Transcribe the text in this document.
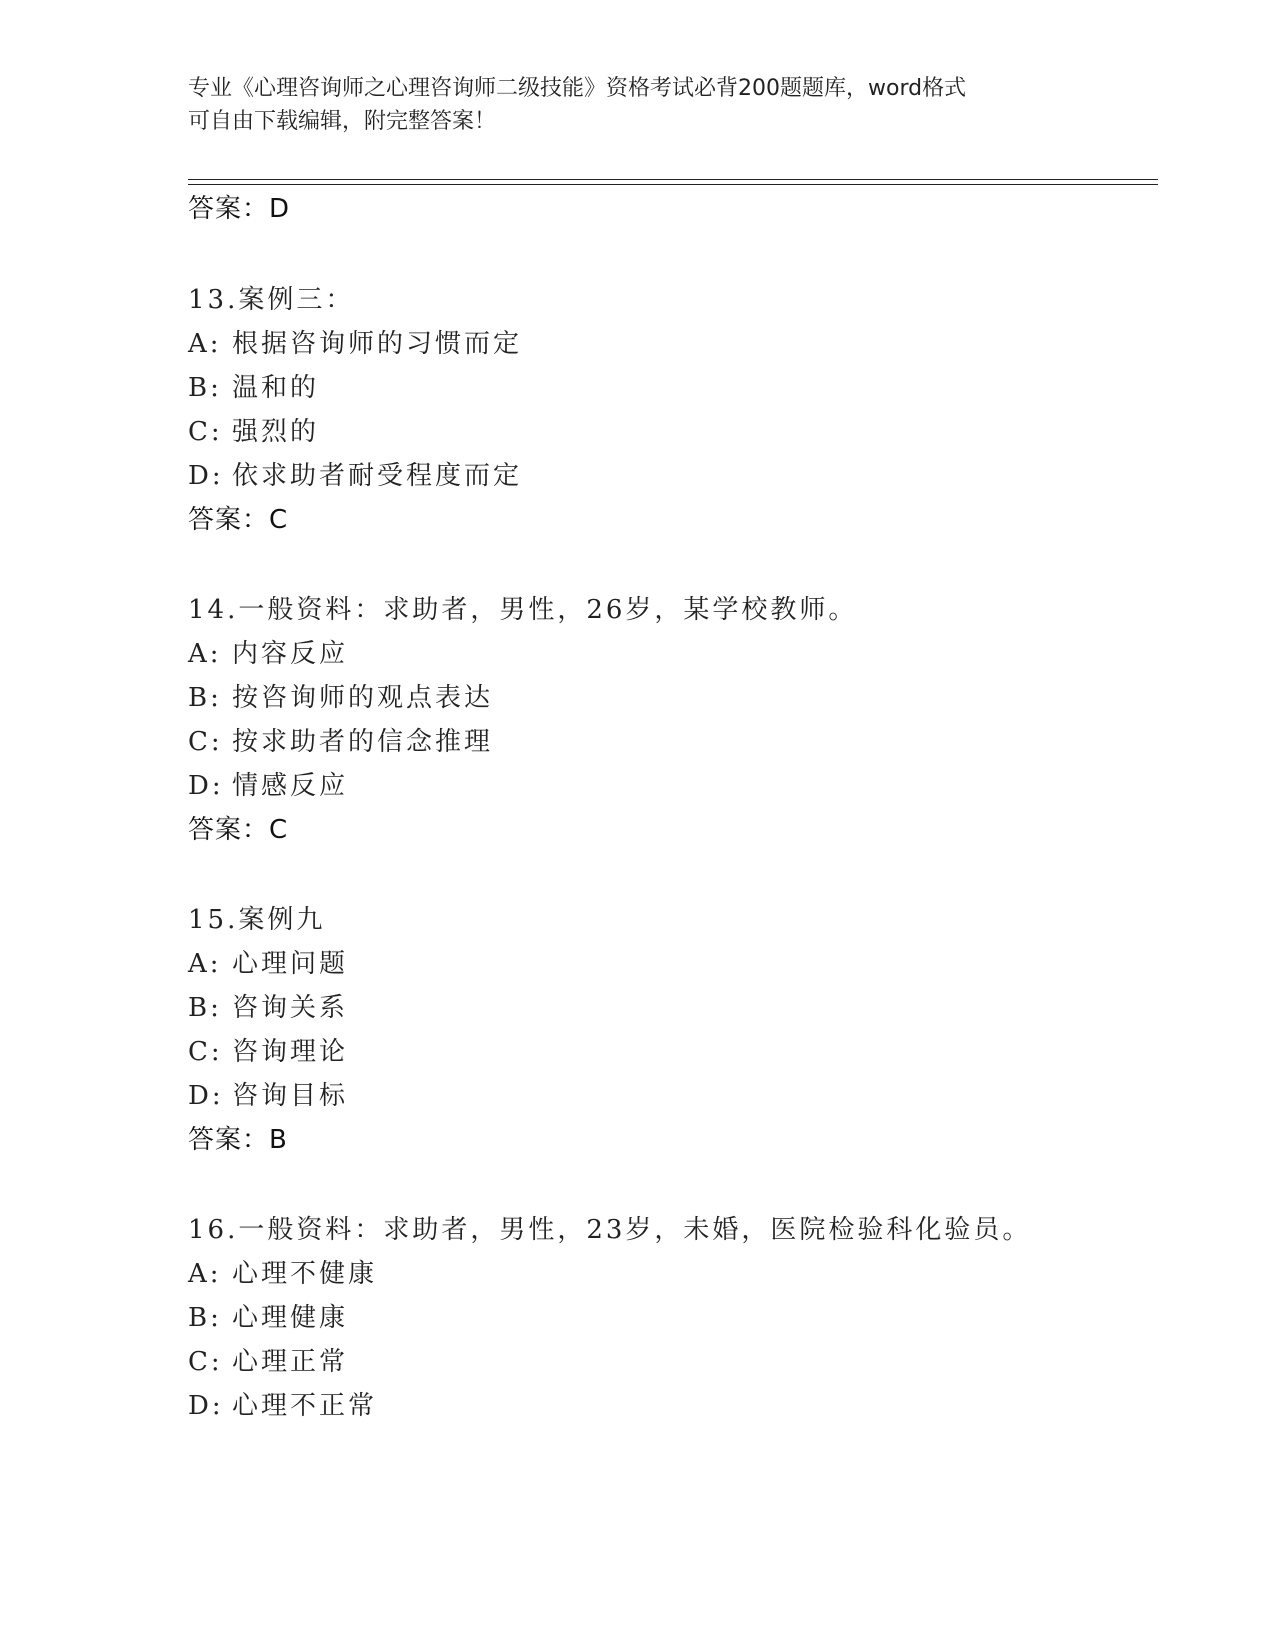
专业《心理咨询师之心理咨询师二级技能》资格考试必背200题题库，word格式
可自由下载编辑，附完整答案！
答案：D
13.案例三：
A: 根据咨询师的习惯而定
B: 温和的
C: 强烈的
D: 依求助者耐受程度而定
答案：C
14.一般资料：求助者，男性，26岁，某学校教师。
A: 内容反应
B: 按咨询师的观点表达
C: 按求助者的信念推理
D: 情感反应
答案：C
15.案例九
A: 心理问题
B: 咨询关系
C: 咨询理论
D: 咨询目标
答案：B
16.一般资料：求助者，男性，23岁，未婚，医院检验科化验员。
A: 心理不健康
B: 心理健康
C: 心理正常
D: 心理不正常
